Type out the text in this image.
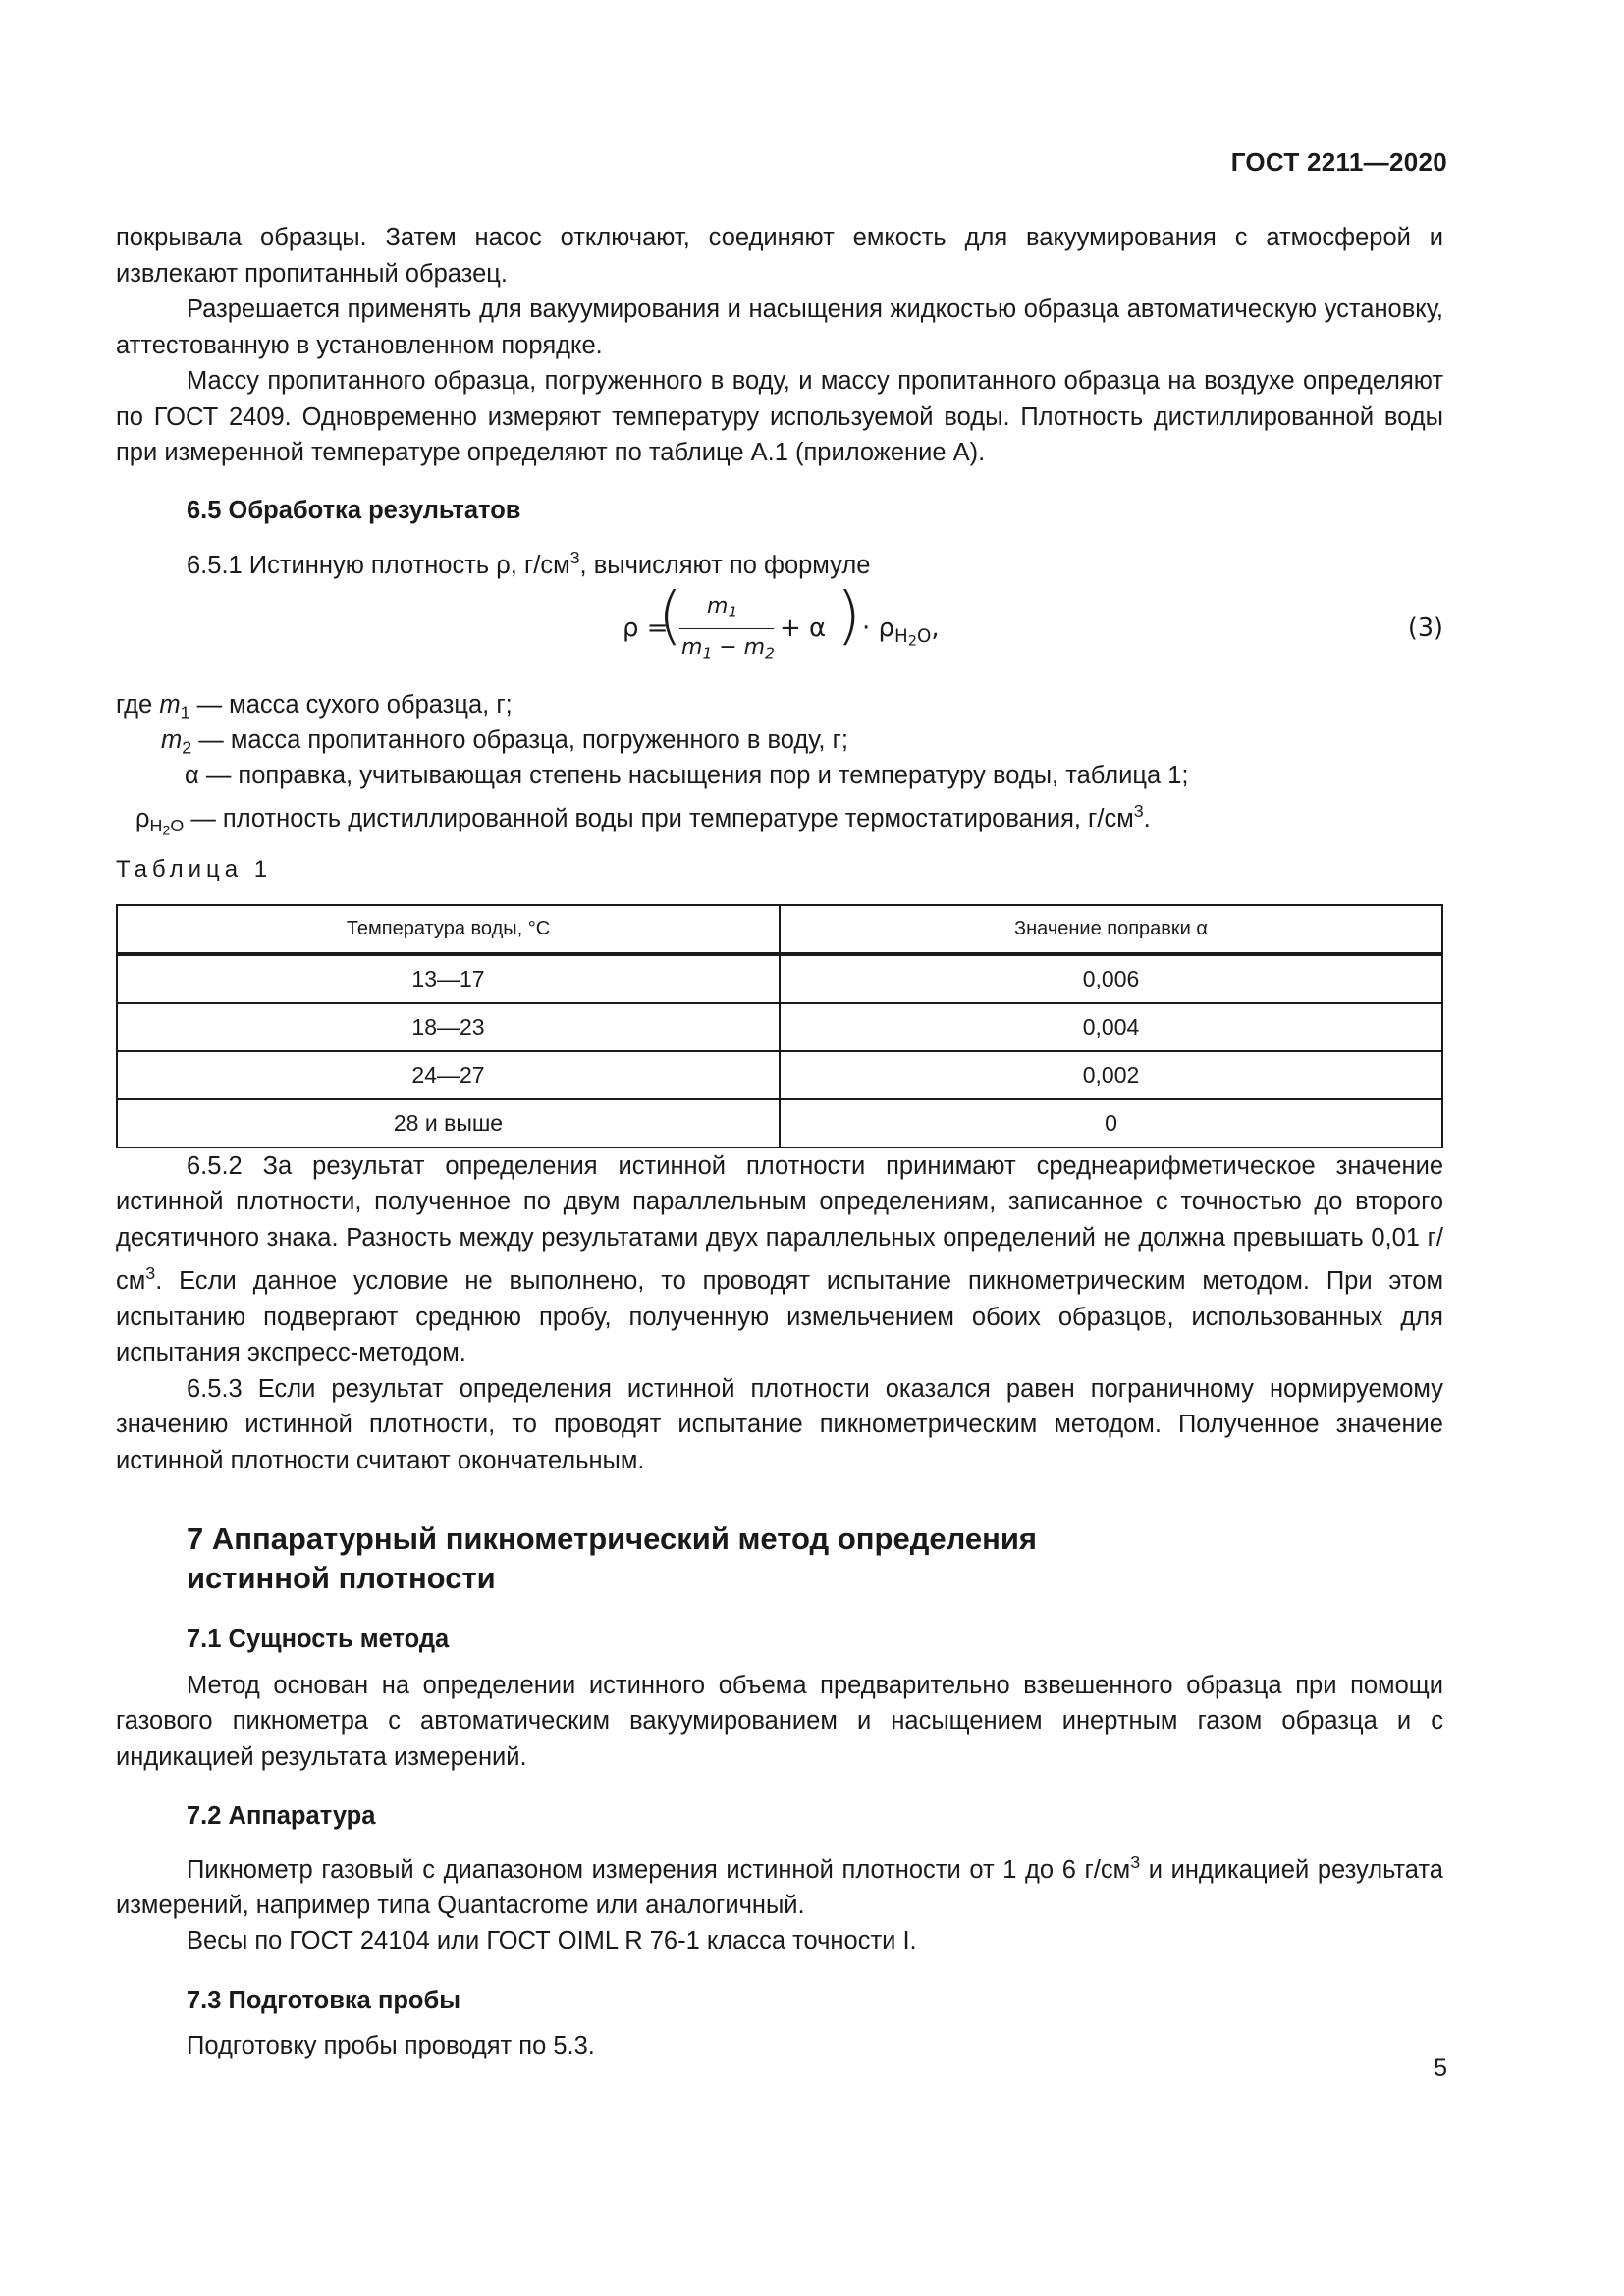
ГОСТ 2211—2020

покрывала образцы. Затем насос отключают, соединяют емкость для вакуумирования с атмосферой и извлекают пропитанный образец.

Разрешается применять для вакуумирования и насыщения жидкостью образца автоматическую установку, аттестованную в установленном порядке.

Массу пропитанного образца, погруженного в воду, и массу пропитанного образца на воздухе определяют по ГОСТ 2409. Одновременно измеряют температуру используемой воды. Плотность дистиллированной воды при измеренной температуре определяют по таблице А.1 (приложение А).

6.5 Обработка результатов

6.5.1 Истинную плотность ρ, $г/см^3$, вычисляют по формуле

ρ =
( $m_1$
$m_1 - m_2$
+ α ) · $\rho_{H_2O}$,	(3)
где $m_1$ — масса сухого образца, г;
$m_2$ — масса пропитанного образца, погруженного в воду, г;
α — поправка, учитывающая степень насыщения пор и температуру воды, таблица 1;
$\rho_{H2O}$ — плотность дистиллированной воды при температуре термостатирования, $г/см^3$.
Таблица 1
Температура воды, °С	Значение поправки α
13—17	0,006
18—23	0,004
24—27	0,002
28 и выше	0

6.5.2 За результат определения истинной плотности принимают среднеарифметическое значение истинной плотности, полученное по двум параллельным определениям, записанное с точностью до второго десятичного знака. Разность между результатами двух параллельных определений не должна превышать 0,01 $г/см^3$. Если данное условие не выполнено, то проводят испытание пикнометрическим методом. При этом испытанию подвергают среднюю пробу, полученную измельчением обоих образцов, использованных для испытания экспресс-методом.

6.5.3 Если результат определения истинной плотности оказался равен пограничному нормируемому значению истинной плотности, то проводят испытание пикнометрическим методом. Полученное значение истинной плотности считают окончательным.

7 Аппаратурный пикнометрический метод определения
истинной плотности
7.1 Сущность метода

Метод основан на определении истинного объема предварительно взвешенного образца при помощи газового пикнометра с автоматическим вакуумированием и насыщением инертным газом образца и с индикацией результата измерений.

7.2 Аппаратура

Пикнометр газовый с диапазоном измерения истинной плотности от 1 до 6 $г/см^3$ и индикацией результата измерений, например типа Quantacrome или аналогичный.

Весы по ГОСТ 24104 или ГОСТ OIML R 76-1 класса точности I.

7.3 Подготовка пробы

Подготовку пробы проводят по 5.3.

5
